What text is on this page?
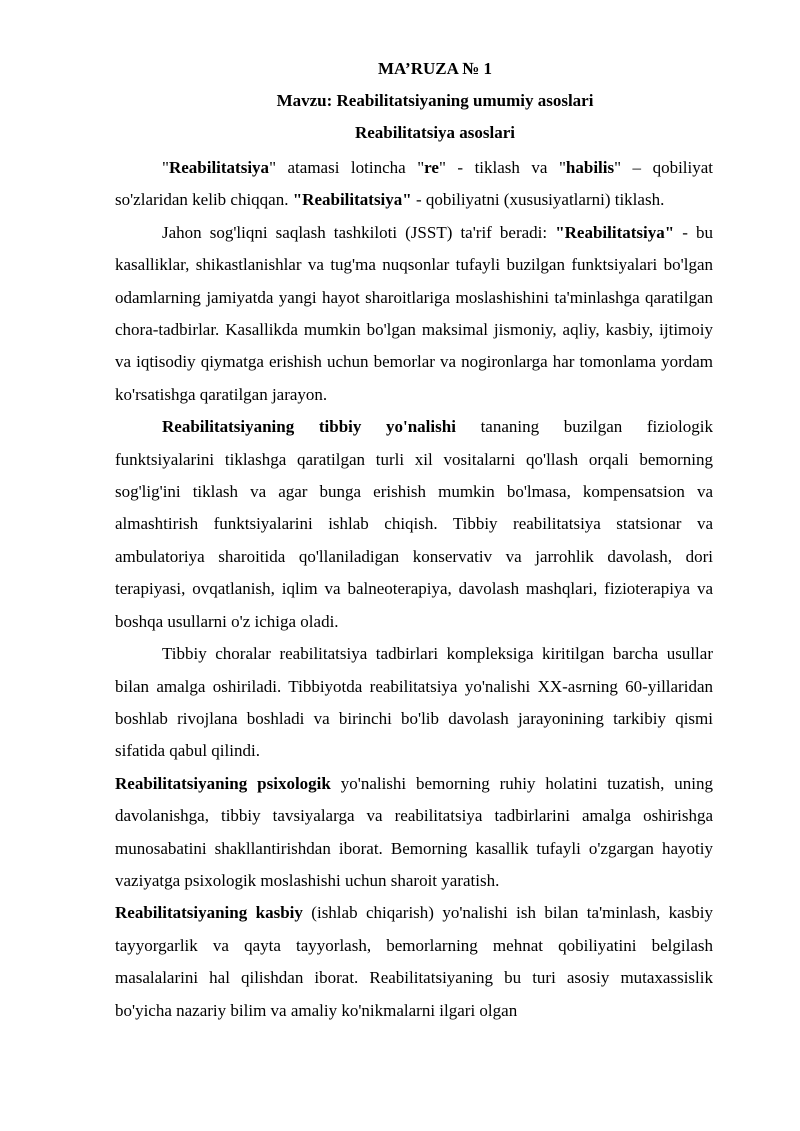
MA’RUZA № 1
Mavzu: Reabilitatsiyaning umumiy asoslari
Reabilitatsiya asoslari

"Reabilitatsiya" atamasi lotincha "re" - tiklash va "habilis" – qobiliyat so'zlaridan kelib chiqqan. "Reabilitatsiya" - qobiliyatni (xususiyatlarni) tiklash.

Jahon sog'liqni saqlash tashkiloti (JSST) ta'rif beradi: "Reabilitatsiya" - bu kasalliklar, shikastlanishlar va tug'ma nuqsonlar tufayli buzilgan funktsiyalari bo'lgan odamlarning jamiyatda yangi hayot sharoitlariga moslashishini ta'minlashga qaratilgan chora-tadbirlar. Kasallikda mumkin bo'lgan maksimal jismoniy, aqliy, kasbiy, ijtimoiy va iqtisodiy qiymatga erishish uchun bemorlar va nogironlarga har tomonlama yordam ko'rsatishga qaratilgan jarayon.

Reabilitatsiyaning tibbiy yo'nalishi tananing buzilgan fiziologik funktsiyalarini tiklashga qaratilgan turli xil vositalarni qo'llash orqali bemorning sog'lig'ini tiklash va agar bunga erishish mumkin bo'lmasa, kompensatsion va almashtirish funktsiyalarini ishlab chiqish. Tibbiy reabilitatsiya statsionar va ambulatoriya sharoitida qo'llaniladigan konservativ va jarrohlik davolash, dori terapiyasi, ovqatlanish, iqlim va balneoterapiya, davolash mashqlari, fizioterapiya va boshqa usullarni o'z ichiga oladi.

Tibbiy choralar reabilitatsiya tadbirlari kompleksiga kiritilgan barcha usullar bilan amalga oshiriladi. Tibbiyotda reabilitatsiya yo'nalishi XX-asrning 60-yillaridan boshlab rivojlana boshladi va birinchi bo'lib davolash jarayonining tarkibiy qismi sifatida qabul qilindi.

Reabilitatsiyaning psixologik yo'nalishi bemorning ruhiy holatini tuzatish, uning davolanishga, tibbiy tavsiyalarga va reabilitatsiya tadbirlarini amalga oshirishga munosabatini shakllantirishdan iborat. Bemorning kasallik tufayli o'zgargan hayotiy vaziyatga psixologik moslashishi uchun sharoit yaratish.

Reabilitatsiyaning kasbiy (ishlab chiqarish) yo'nalishi ish bilan ta'minlash, kasbiy tayyorgarlik va qayta tayyorlash, bemorlarning mehnat qobiliyatini belgilash masalalarini hal qilishdan iborat. Reabilitatsiyaning bu turi asosiy mutaxassislik bo'yicha nazariy bilim va amaliy ko'nikmalarni ilgari olgan
